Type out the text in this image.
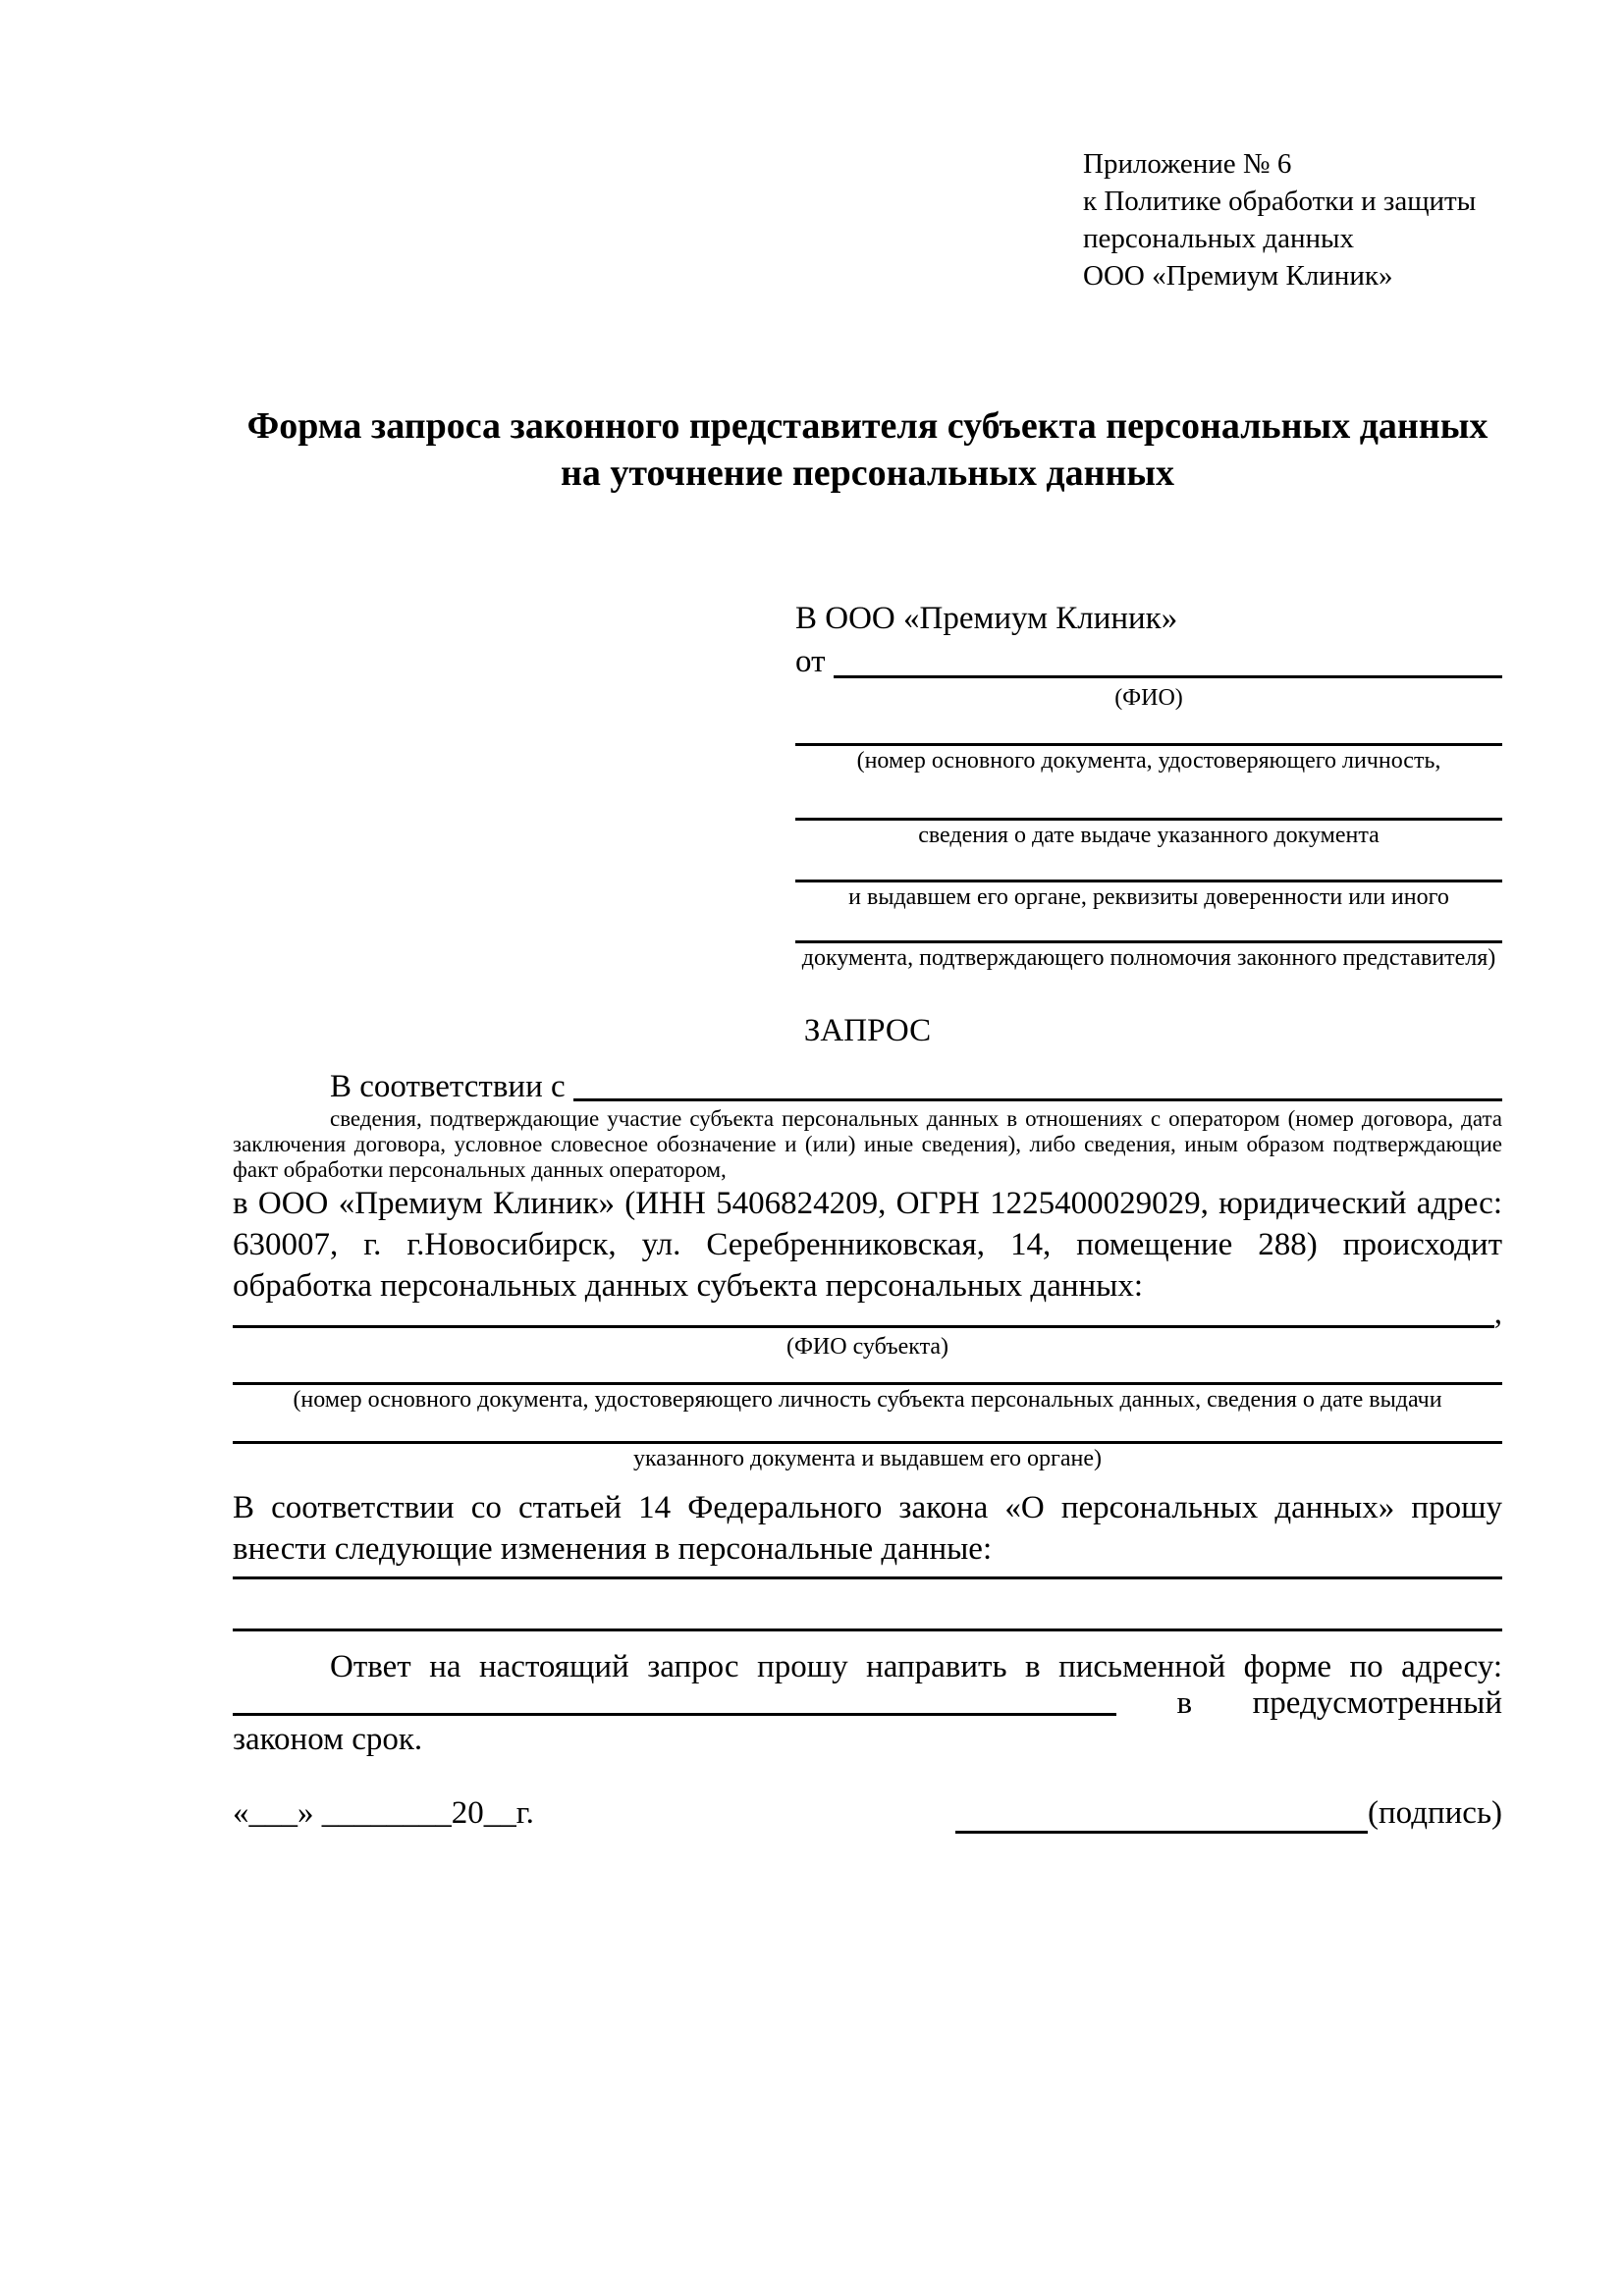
Приложение № 6
к Политике обработки и защиты
персональных данных
ООО «Премиум Клиник»
Форма запроса законного представителя субъекта персональных данных на уточнение персональных данных
В ООО «Премиум Клиник»
от
(ФИО)
(номер основного документа, удостоверяющего личность,
сведения о дате выдаче указанного документа
и выдавшем его органе, реквизиты доверенности или иного
документа, подтверждающего полномочия законного представителя)
ЗАПРОС
В соответствии с
сведения, подтверждающие участие субъекта персональных данных в отношениях с оператором (номер договора, дата заключения договора, условное словесное обозначение и (или) иные сведения), либо сведения, иным образом подтверждающие факт обработки персональных данных оператором,
в ООО «Премиум Клиник» (ИНН 5406824209, ОГРН 1225400029029, юридический адрес: 630007, г. г.Новосибирск, ул. Серебренниковская, 14, помещение 288) происходит обработка персональных данных субъекта персональных данных:
,
(ФИО субъекта)
(номер основного документа, удостоверяющего личность субъекта персональных данных, сведения о дате выдачи
указанного документа и выдавшем его органе)
В соответствии со статьей 14 Федерального закона «О персональных данных» прошу внести следующие изменения в персональные данные:
Ответ на настоящий запрос прошу направить в письменной форме по адресу:
в предусмотренный
законом срок.
«___» ________20__г.	(подпись)
